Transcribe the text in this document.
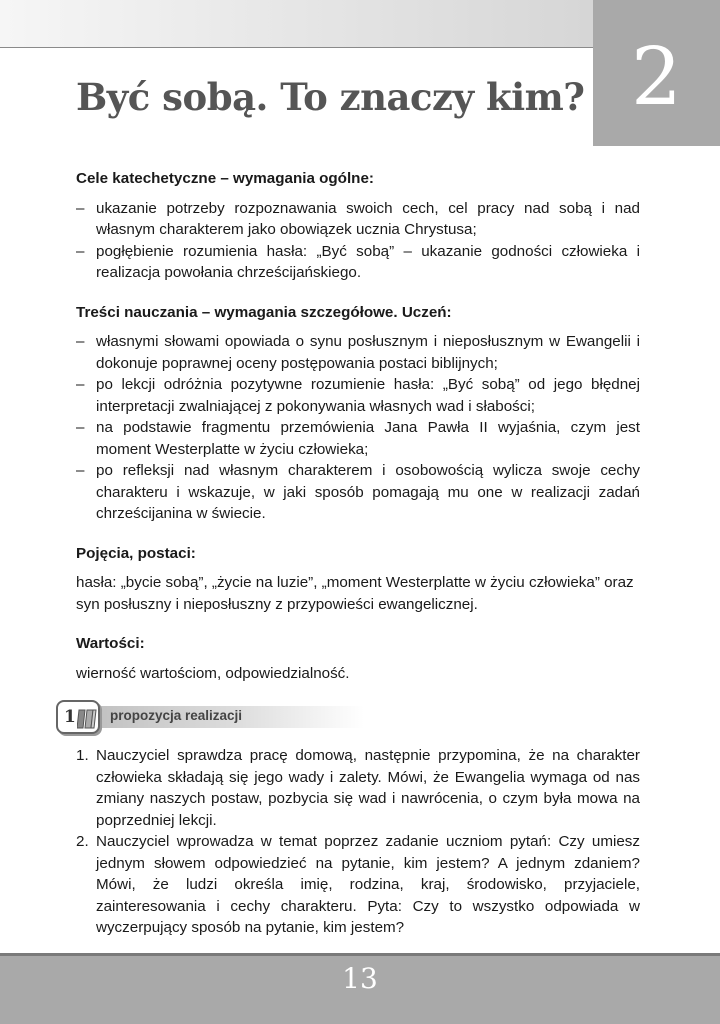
2
Być sobą. To znaczy kim?
Cele katechetyczne – wymagania ogólne:
– ukazanie potrzeby rozpoznawania swoich cech, cel pracy nad sobą i nad własnym charakterem jako obowiązek ucznia Chrystusa;
– pogłębienie rozumienia hasła: „Być sobą” – ukazanie godności człowieka i realizacja powołania chrześcijańskiego.
Treści nauczania – wymagania szczegółowe. Uczeń:
– własnymi słowami opowiada o synu posłusznym i nieposłusznym w Ewangelii i dokonuje poprawnej oceny postępowania postaci biblijnych;
– po lekcji odróżnia pozytywne rozumienie hasła: „Być sobą” od jego błędnej interpretacji zwalniającej z pokonywania własnych wad i słabości;
– na podstawie fragmentu przemówienia Jana Pawła II wyjaśnia, czym jest moment Westerplatte w życiu człowieka;
– po refleksji nad własnym charakterem i osobowością wylicza swoje cechy charakteru i wskazuje, w jaki sposób pomagają mu one w realizacji zadań chrześcijanina w świecie.
Pojęcia, postaci:

hasła: „bycie sobą”, „życie na luzie”, „moment Westerplatte w życiu człowieka” oraz syn posłuszny i nieposłuszny z przypowieści ewangelicznej.

Wartości:

wierność wartościom, odpowiedzialność.

1	propozycja realizacji
1. Nauczyciel sprawdza pracę domową, następnie przypomina, że na charakter człowieka składają się jego wady i zalety. Mówi, że Ewangelia wymaga od nas zmiany naszych postaw, pozbycia się wad i nawrócenia, o czym była mowa na poprzedniej lekcji.
2. Nauczyciel wprowadza w temat poprzez zadanie uczniom pytań: Czy umiesz jednym słowem odpowiedzieć na pytanie, kim jestem? A jednym zdaniem? Mówi, że ludzi określa imię, rodzina, kraj, środowisko, przyjaciele, zainteresowania i cechy charakteru. Pyta: Czy to wszystko odpowiada w wyczerpujący sposób na pytanie, kim jestem?
13
